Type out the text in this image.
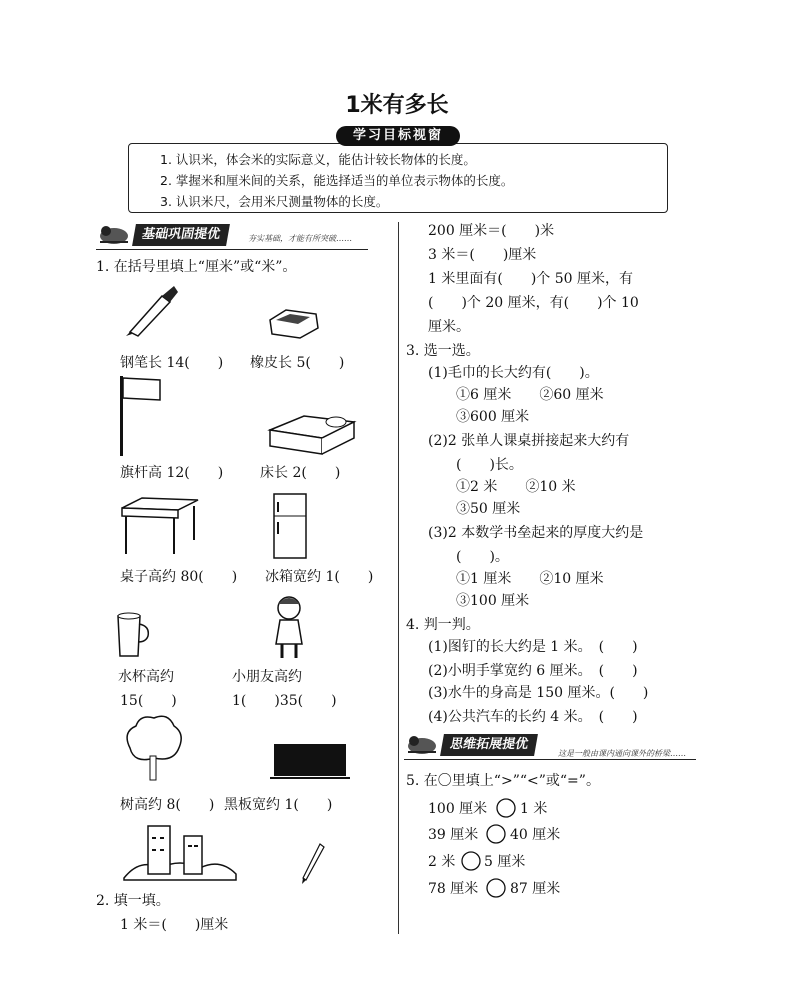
1米有多长
学习目标视窗
1. 认识米，体会米的实际意义，能估计较长物体的长度。
2. 掌握米和厘米间的关系，能选择适当的单位表示物体的长度。
3. 认识米尺，会用米尺测量物体的长度。
基础巩固提优	夯实基础，才能有所突破……
1. 在括号里填上“厘米”或“米”。
钢笔长 14(　　) 橡皮长 5(　　)
旗杆高 12(　　)	床长 2(　　)
桌子高约 80(　　) 冰箱宽约 1(　　)
水杯高约
15(　　)
小朋友高约
1(　　)35(　　)
树高约 8(　　) 黑板宽约 1(　　)
2. 填一填。
1 米＝(　　)厘米
200 厘米＝(　　)米
3 米＝(　　)厘米
1 米里面有(　　)个 50 厘米，有
(　　)个 20 厘米，有(　　)个 10
厘米。
3. 选一选。
(1)毛巾的长大约有(　　)。
①6 厘米　　②60 厘米
③600 厘米
(2)2 张单人课桌拼接起来大约有
(　　)长。
①2 米　　②10 米
③50 厘米
(3)2 本数学书垒起来的厚度大约是
(　　)。
①1 厘米　　②10 厘米
③100 厘米
4. 判一判。
(1)图钉的长大约是 1 米。　(　　)
(2)小明手掌宽约 6 厘米。　(　　)
(3)水牛的身高是 150 厘米。(　　)
(4)公共汽车的长约 4 米。　(　　)
思维拓展提优
这是一般由课内通向课外的桥梁……
5. 在〇里填上“>”“<”或“=”。
100 厘米 1 米
39 厘米 40 厘米
2 米 5 厘米
78 厘米 87 厘米
